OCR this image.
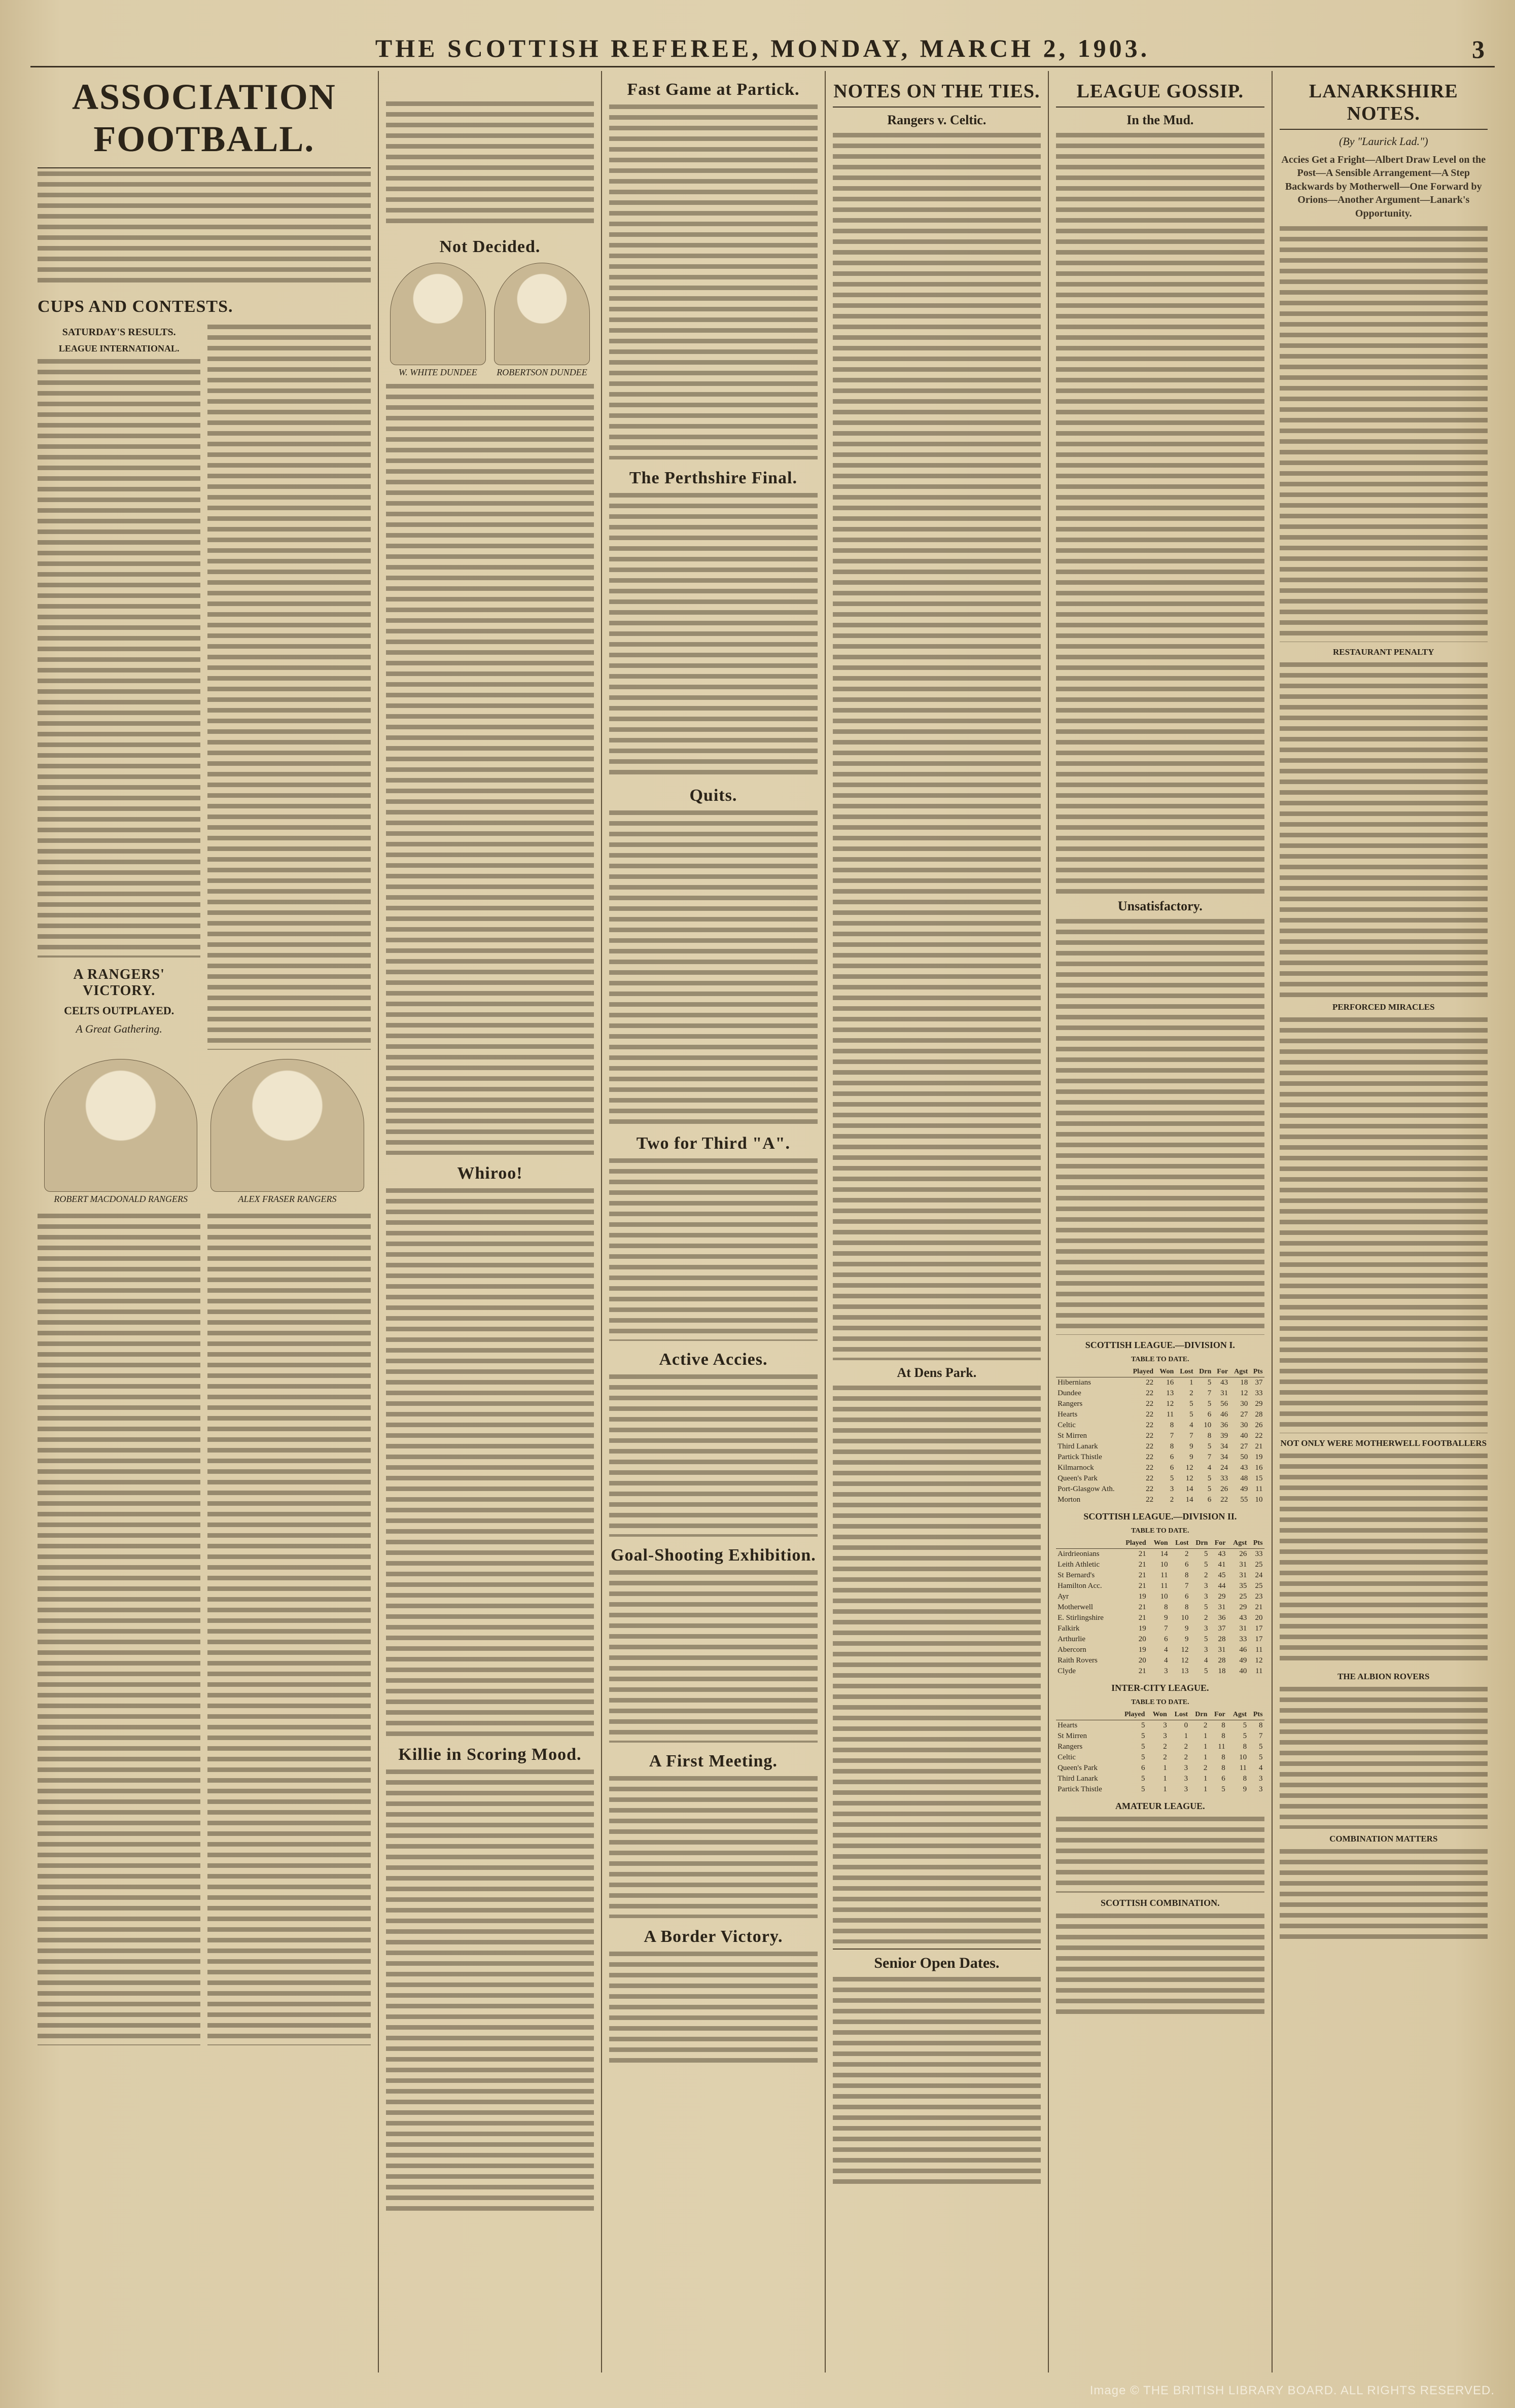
THE SCOTTISH REFEREE, MONDAY, MARCH 2, 1903.	3
ASSOCIATION FOOTBALL.
CUPS AND CONTESTS.
SATURDAY'S RESULTS.
LEAGUE INTERNATIONAL.
A RANGERS' VICTORY.
CELTS OUTPLAYED.
A Great Gathering.
ROBERT MACDONALD RANGERS	ALEX FRASER RANGERS
Not Decided.
W. WHITE DUNDEE	ROBERTSON DUNDEE
Whiroo!
Killie in Scoring Mood.
Fast Game at Partick.
The Perthshire Final.
Quits.
Two for Third "A".
Active Accies.
Goal-Shooting Exhibition.
A First Meeting.
A Border Victory.
NOTES ON THE TIES.
Rangers v. Celtic.
At Dens Park.
Senior Open Dates.
LEAGUE GOSSIP.
In the Mud.
Unsatisfactory.
SCOTTISH LEAGUE.—DIVISION I.
TABLE TO DATE.
	Played	Won	Lost	Drn	For	Agst	Pts
Hibernians	22	16	1	5	43	18	37
Dundee	22	13	2	7	31	12	33
Rangers	22	12	5	5	56	30	29
Hearts	22	11	5	6	46	27	28
Celtic	22	8	4	10	36	30	26
St Mirren	22	7	7	8	39	40	22
Third Lanark	22	8	9	5	34	27	21
Partick Thistle	22	6	9	7	34	50	19
Kilmarnock	22	6	12	4	24	43	16
Queen's Park	22	5	12	5	33	48	15
Port-Glasgow Ath.	22	3	14	5	26	49	11
Morton	22	2	14	6	22	55	10
SCOTTISH LEAGUE.—DIVISION II.
TABLE TO DATE.
	Played	Won	Lost	Drn	For	Agst	Pts
Airdrieonians	21	14	2	5	43	26	33
Leith Athletic	21	10	6	5	41	31	25
St Bernard's	21	11	8	2	45	31	24
Hamilton Acc.	21	11	7	3	44	35	25
Ayr	19	10	6	3	29	25	23
Motherwell	21	8	8	5	31	29	21
E. Stirlingshire	21	9	10	2	36	43	20
Falkirk	19	7	9	3	37	31	17
Arthurlie	20	6	9	5	28	33	17
Abercorn	19	4	12	3	31	46	11
Raith Rovers	20	4	12	4	28	49	12
Clyde	21	3	13	5	18	40	11
INTER-CITY LEAGUE.
TABLE TO DATE.
	Played	Won	Lost	Drn	For	Agst	Pts
Hearts	5	3	0	2	8	5	8
St Mirren	5	3	1	1	8	5	7
Rangers	5	2	2	1	11	8	5
Celtic	5	2	2	1	8	10	5
Queen's Park	6	1	3	2	8	11	4
Third Lanark	5	1	3	1	6	8	3
Partick Thistle	5	1	3	1	5	9	3
AMATEUR LEAGUE.
SCOTTISH COMBINATION.
LANARKSHIRE NOTES.
(By "Laurick Lad.")
Accies Get a Fright—Albert Draw Level on the Post—A Sensible Arrangement—A Step Backwards by Motherwell—One Forward by Orions—Another Argument—Lanark's Opportunity.
RESTAURANT PENALTY
PERFORCED MIRACLES
NOT ONLY WERE MOTHERWELL FOOTBALLERS
THE ALBION ROVERS
COMBINATION MATTERS
Image © THE BRITISH LIBRARY BOARD. ALL RIGHTS RESERVED.
